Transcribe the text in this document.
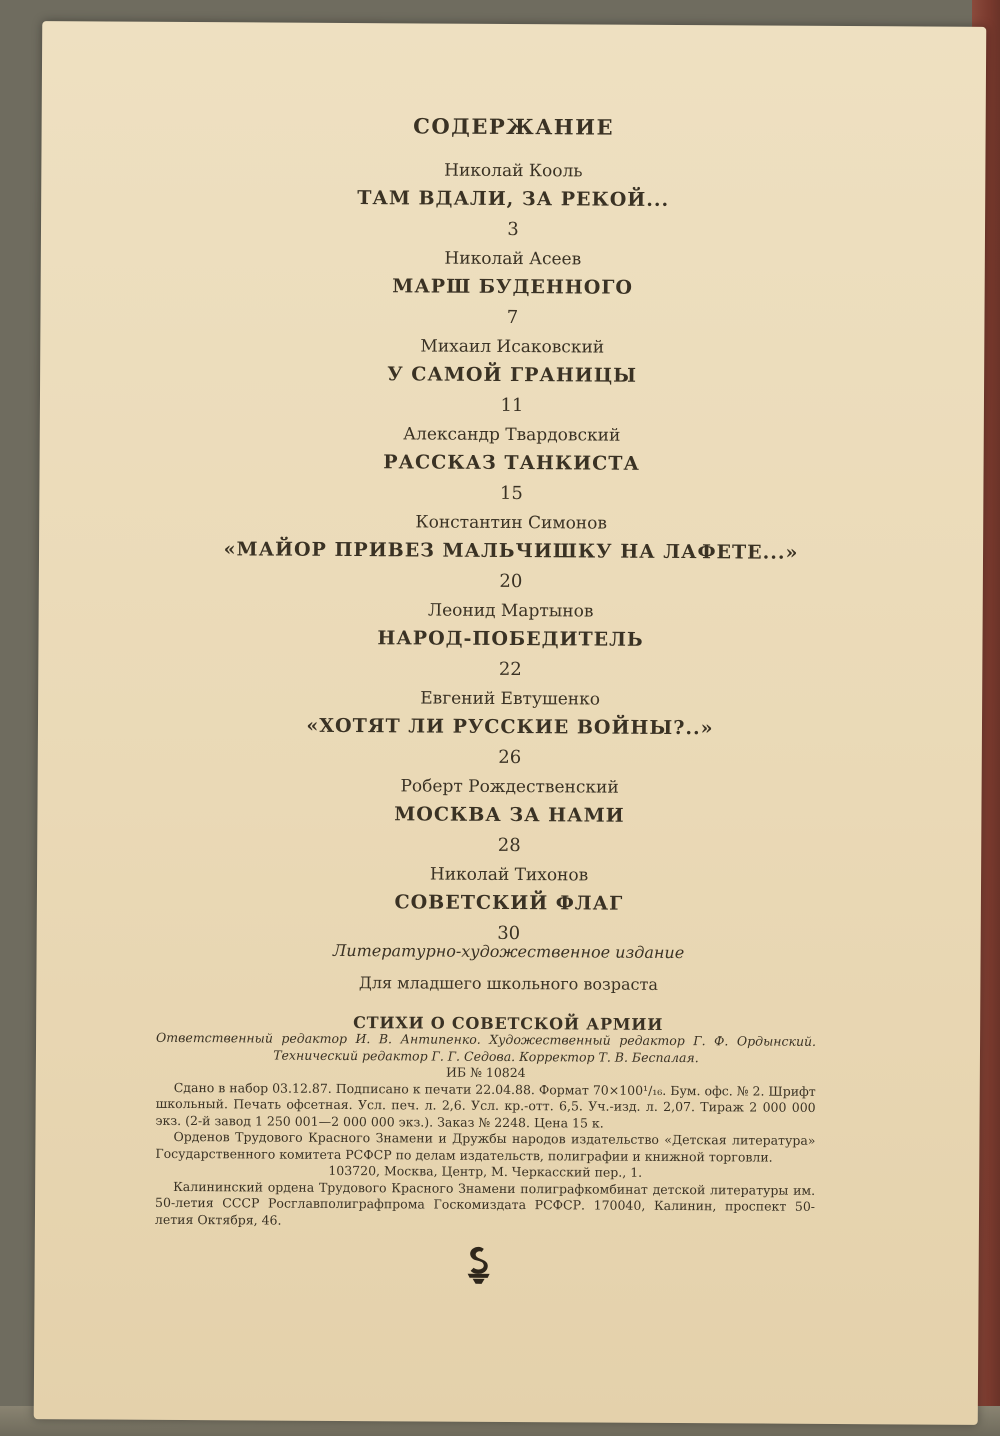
СОДЕРЖАНИЕ
Николай Кооль
ТАМ ВДАЛИ, ЗА РЕКОЙ...
3
Николай Асеев
МАРШ БУДЕННОГО
7
Михаил Исаковский
У САМОЙ ГРАНИЦЫ
11
Александр Твардовский
РАССКАЗ ТАНКИСТА
15
Константин Симонов
«МАЙОР ПРИВЕЗ МАЛЬЧИШКУ НА ЛАФЕТЕ...»
20
Леонид Мартынов
НАРОД-ПОБЕДИТЕЛЬ
22
Евгений Евтушенко
«ХОТЯТ ЛИ РУССКИЕ ВОЙНЫ?..»
26
Роберт Рождественский
МОСКВА ЗА НАМИ
28
Николай Тихонов
СОВЕТСКИЙ ФЛАГ
30
Литературно-художественное издание
Для младшего школьного возраста
СТИХИ О СОВЕТСКОЙ АРМИИ

Ответственный редактор И. В. Антипенко. Художественный редактор Г. Ф. Ордынский. Технический редактор Г. Г. Седова. Корректор Т. В. Беспалая.

ИБ № 10824

Сдано в набор 03.12.87. Подписано к печати 22.04.88. Формат 70×100¹/₁₆. Бум. офс. № 2. Шрифт школьный. Печать офсетная. Усл. печ. л. 2,6. Усл. кр.-отт. 6,5. Уч.-изд. л. 2,07. Тираж 2 000 000 экз. (2-й завод 1 250 001—2 000 000 экз.). Заказ № 2248. Цена 15 к.

Орденов Трудового Красного Знамени и Дружбы народов издательство «Детская литература» Государственного комитета РСФСР по делам издательств, полиграфии и книжной торговли.

103720, Москва, Центр, М. Черкасский пер., 1.

Калининский ордена Трудового Красного Знамени полиграфкомбинат детской литературы им. 50-летия СССР Росглавполиграфпрома Госкомиздата РСФСР. 170040, Калинин, проспект 50-летия Октября, 46.
